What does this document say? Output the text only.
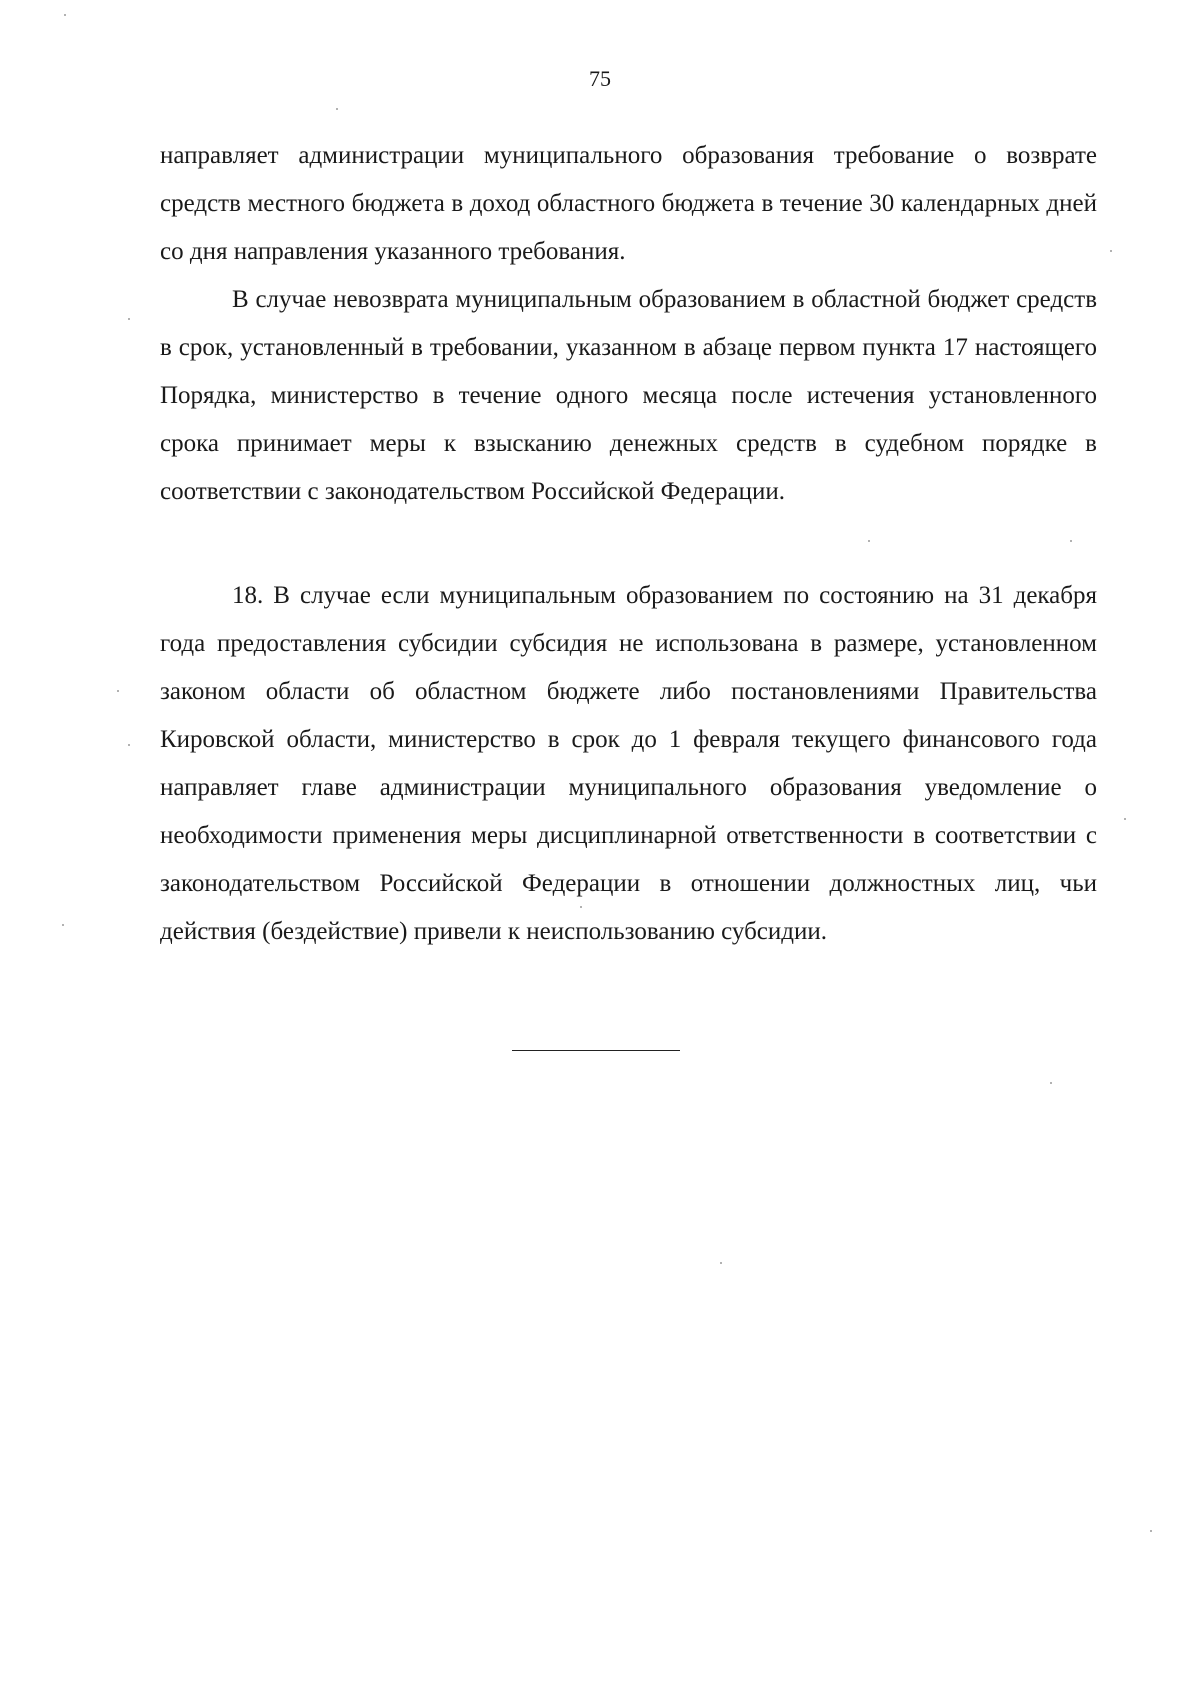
75

направляет администрации муниципального образования требование о возврате средств местного бюджета в доход областного бюджета в течение 30 календарных дней со дня направления указанного требования.

В случае невозврата муниципальным образованием в областной бюджет средств в срок, установленный в требовании, указанном в абзаце первом пункта 17 настоящего Порядка, министерство в течение одного месяца после истечения установленного срока принимает меры к взысканию денежных средств в судебном порядке в соответствии с законодательством Российской Федерации.

18. В случае если муниципальным образованием по состоянию на 31 декабря года предоставления субсидии субсидия не использована в размере, установленном законом области об областном бюджете либо постановлениями Правительства Кировской области, министерство в срок до 1 февраля текущего финансового года направляет главе администрации муниципального образования уведомление о необходимости применения меры дисциплинарной ответственности в соответствии с законодательством Российской Федерации в отношении должностных лиц, чьи действия (бездействие) привели к неиспользованию субсидии.
